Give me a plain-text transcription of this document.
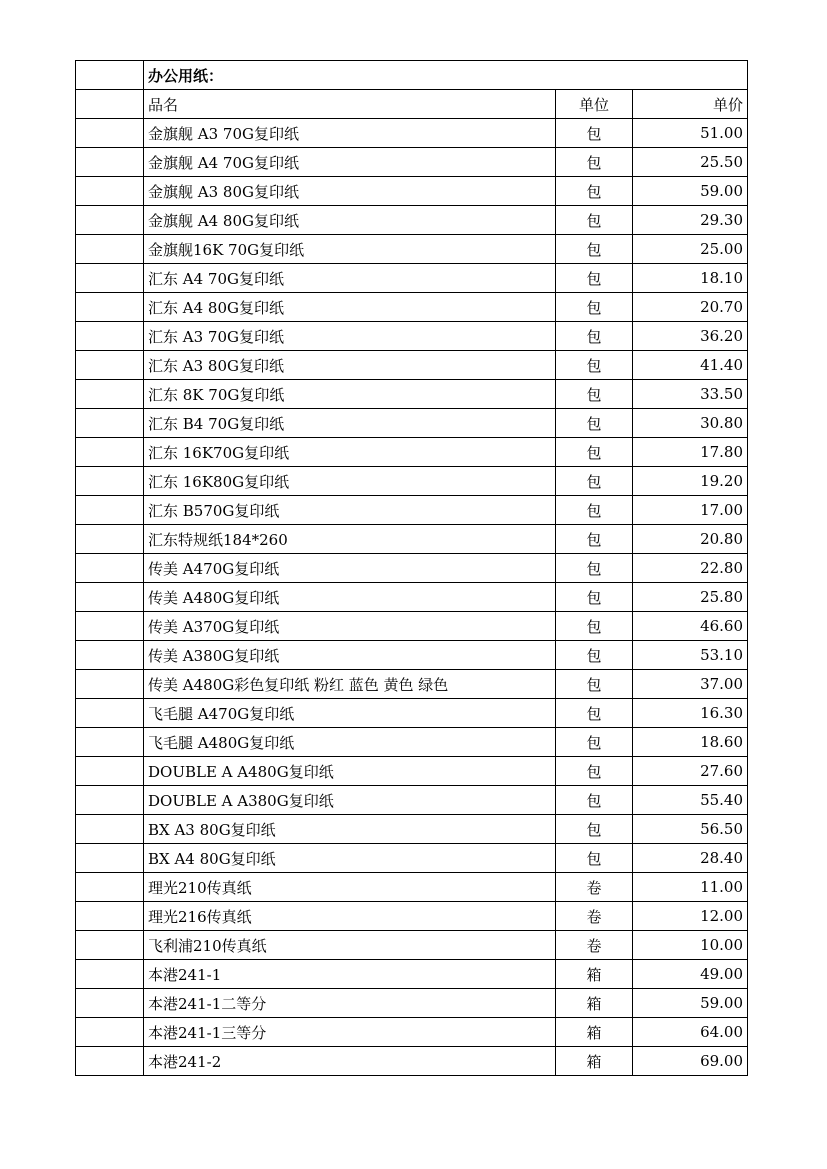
	办公用纸：		
	品名	单位	单价
	金旗舰 A3 70G复印纸	包	51.00
	金旗舰 A4 70G复印纸	包	25.50
	金旗舰 A3 80G复印纸	包	59.00
	金旗舰 A4 80G复印纸	包	29.30
	金旗舰16K 70G复印纸	包	25.00
	汇东 A4 70G复印纸	包	18.10
	汇东 A4 80G复印纸	包	20.70
	汇东 A3 70G复印纸	包	36.20
	汇东 A3 80G复印纸	包	41.40
	汇东 8K 70G复印纸	包	33.50
	汇东 B4 70G复印纸	包	30.80
	汇东 16K70G复印纸	包	17.80
	汇东 16K80G复印纸	包	19.20
	汇东 B570G复印纸	包	17.00
	汇东特规纸184*260	包	20.80
	传美 A470G复印纸	包	22.80
	传美 A480G复印纸	包	25.80
	传美 A370G复印纸	包	46.60
	传美 A380G复印纸	包	53.10
	传美 A480G彩色复印纸 粉红 蓝色 黄色 绿色	包	37.00
	飞毛腿 A470G复印纸	包	16.30
	飞毛腿 A480G复印纸	包	18.60
	DOUBLE A A480G复印纸	包	27.60
	DOUBLE A A380G复印纸	包	55.40
	BX A3 80G复印纸	包	56.50
	BX A4 80G复印纸	包	28.40
	理光210传真纸	卷	11.00
	理光216传真纸	卷	12.00
	飞利浦210传真纸	卷	10.00
	本港241-1	箱	49.00
	本港241-1二等分	箱	59.00
	本港241-1三等分	箱	64.00
	本港241-2	箱	69.00
